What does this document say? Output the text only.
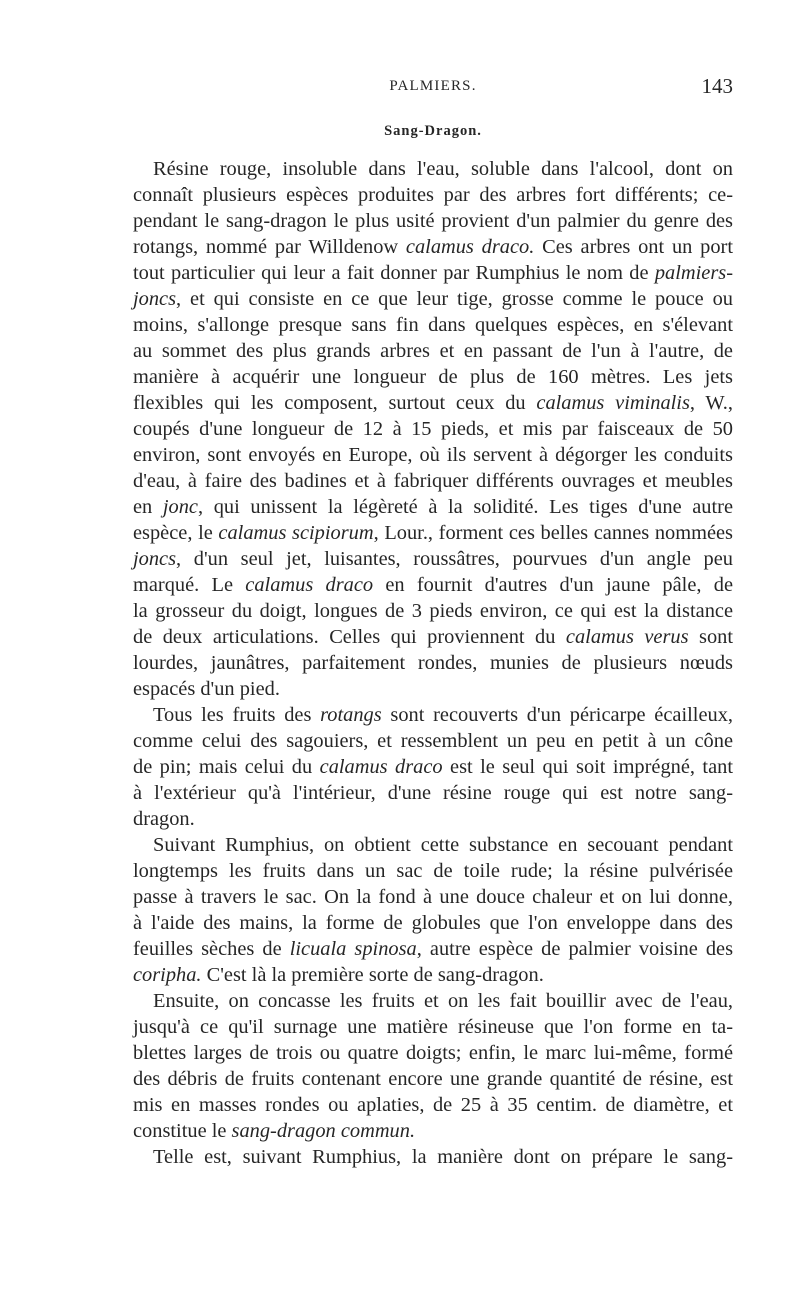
PALMIERS.	143
Sang-Dragon.
Résine rouge, insoluble dans l'eau, soluble dans l'alcool, dont on
connaît plusieurs espèces produites par des arbres fort différents; ce-
pendant le sang-dragon le plus usité provient d'un palmier du genre des
rotangs, nommé par Willdenow calamus draco. Ces arbres ont un port
tout particulier qui leur a fait donner par Rumphius le nom de palmiers-
joncs, et qui consiste en ce que leur tige, grosse comme le pouce ou
moins, s'allonge presque sans fin dans quelques espèces, en s'élevant
au sommet des plus grands arbres et en passant de l'un à l'autre, de
manière à acquérir une longueur de plus de 160 mètres. Les jets
flexibles qui les composent, surtout ceux du calamus viminalis, W.,
coupés d'une longueur de 12 à 15 pieds, et mis par faisceaux de 50
environ, sont envoyés en Europe, où ils servent à dégorger les conduits
d'eau, à faire des badines et à fabriquer différents ouvrages et meubles
en jonc, qui unissent la légèreté à la solidité. Les tiges d'une autre
espèce, le calamus scipiorum, Lour., forment ces belles cannes nommées
joncs, d'un seul jet, luisantes, roussâtres, pourvues d'un angle peu
marqué. Le calamus draco en fournit d'autres d'un jaune pâle, de
la grosseur du doigt, longues de 3 pieds environ, ce qui est la distance
de deux articulations. Celles qui proviennent du calamus verus sont
lourdes, jaunâtres, parfaitement rondes, munies de plusieurs nœuds
espacés d'un pied.
Tous les fruits des rotangs sont recouverts d'un péricarpe écailleux,
comme celui des sagouiers, et ressemblent un peu en petit à un cône
de pin; mais celui du calamus draco est le seul qui soit imprégné, tant
à l'extérieur qu'à l'intérieur, d'une résine rouge qui est notre sang-
dragon.
Suivant Rumphius, on obtient cette substance en secouant pendant
longtemps les fruits dans un sac de toile rude; la résine pulvérisée
passe à travers le sac. On la fond à une douce chaleur et on lui donne,
à l'aide des mains, la forme de globules que l'on enveloppe dans des
feuilles sèches de licuala spinosa, autre espèce de palmier voisine des
coripha. C'est là la première sorte de sang-dragon.
Ensuite, on concasse les fruits et on les fait bouillir avec de l'eau,
jusqu'à ce qu'il surnage une matière résineuse que l'on forme en ta-
blettes larges de trois ou quatre doigts; enfin, le marc lui-même, formé
des débris de fruits contenant encore une grande quantité de résine, est
mis en masses rondes ou aplaties, de 25 à 35 centim. de diamètre, et
constitue le sang-dragon commun.
Telle est, suivant Rumphius, la manière dont on prépare le sang-
